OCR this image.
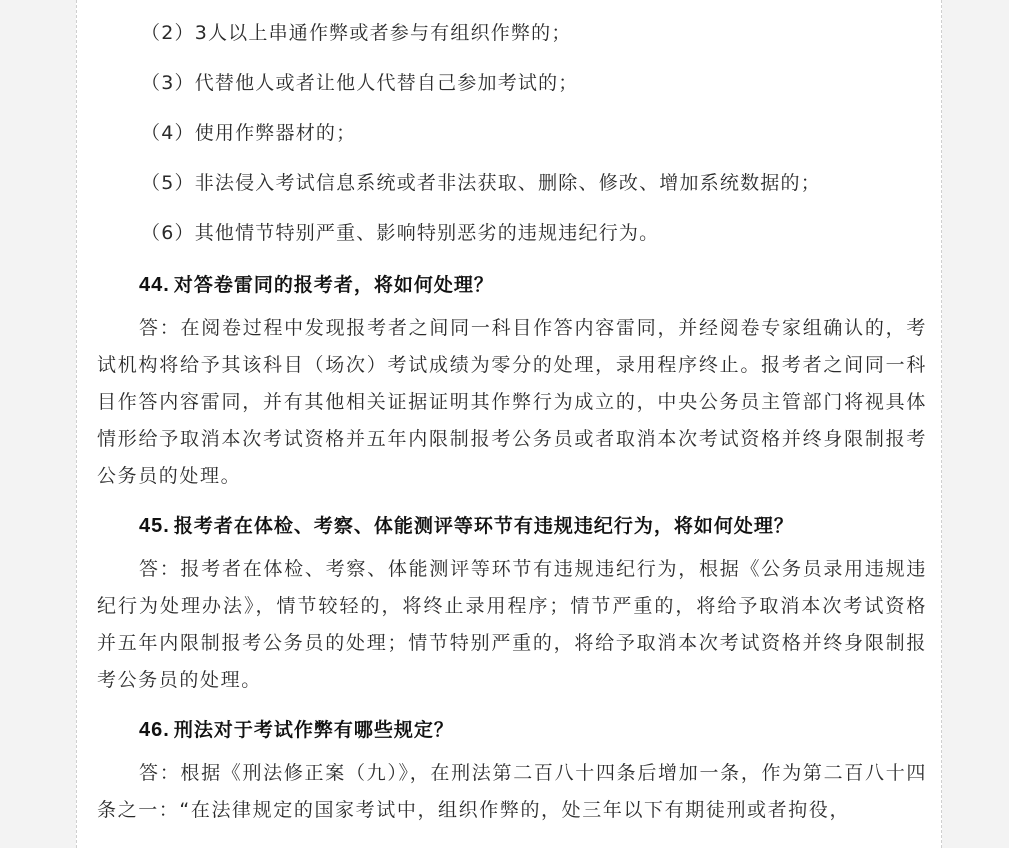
（2）3人以上串通作弊或者参与有组织作弊的；
（3）代替他人或者让他人代替自己参加考试的；
（4）使用作弊器材的；
（5）非法侵入考试信息系统或者非法获取、删除、修改、增加系统数据的；
（6）其他情节特别严重、影响特别恶劣的违规违纪行为。
44. 对答卷雷同的报考者，将如何处理？

答：在阅卷过程中发现报考者之间同一科目作答内容雷同，并经阅卷专家组确认的，考试机构将给予其该科目（场次）考试成绩为零分的处理，录用程序终止。报考者之间同一科目作答内容雷同，并有其他相关证据证明其作弊行为成立的，中央公务员主管部门将视具体情形给予取消本次考试资格并五年内限制报考公务员或者取消本次考试资格并终身限制报考公务员的处理。

45. 报考者在体检、考察、体能测评等环节有违规违纪行为，将如何处理？

答：报考者在体检、考察、体能测评等环节有违规违纪行为，根据《公务员录用违规违纪行为处理办法》，情节较轻的，将终止录用程序；情节严重的，将给予取消本次考试资格并五年内限制报考公务员的处理；情节特别严重的，将给予取消本次考试资格并终身限制报考公务员的处理。

46. 刑法对于考试作弊有哪些规定？

答：根据《刑法修正案（九）》，在刑法第二百八十四条后增加一条，作为第二百八十四条之一：“在法律规定的国家考试中，组织作弊的，处三年以下有期徒刑或者拘役，
